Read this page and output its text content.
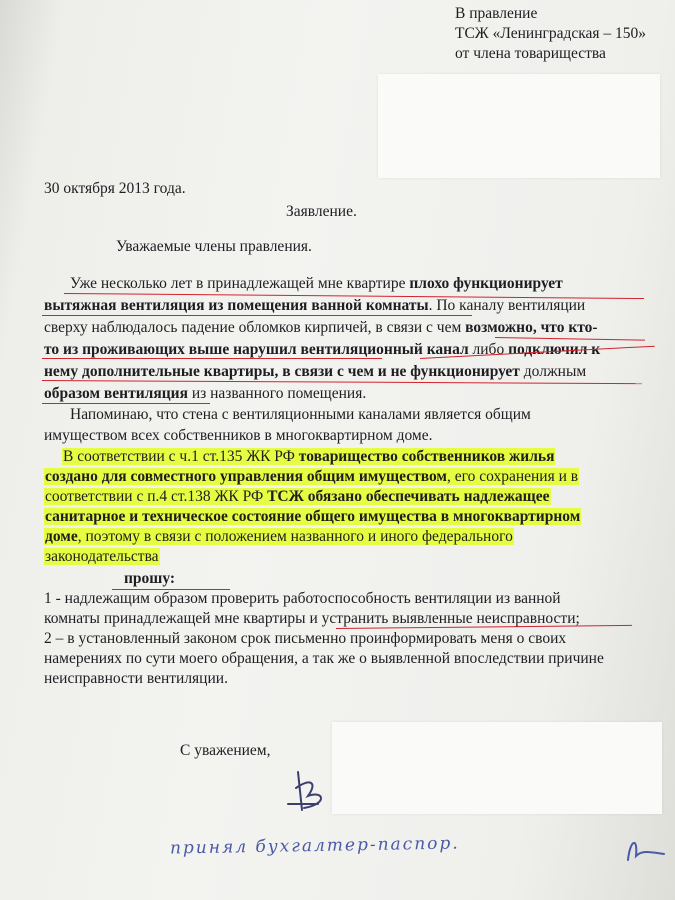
В правление
ТСЖ «Ленинградская – 150»
от члена товарищества
30 октября 2013 года.
Заявление.
Уважаемые члены правления.
Уже несколько лет в принадлежащей мне квартире плохо функционирует
вытяжная вентиляция из помещения ванной комнаты. По каналу вентиляции
сверху наблюдалось падение обломков кирпичей, в связи с чем возможно, что кто-
то из проживающих выше нарушил вентиляционный канал либо подключил к
нему дополнительные квартиры, в связи с чем и не функционирует должным
образом вентиляция из названного помещения.
Напоминаю, что стена с вентиляционными каналами является общим
имуществом всех собственников в многоквартирном доме.
В соответствии с ч.1 ст.135 ЖК РФ товарищество собственников жилья
создано для совместного управления общим имуществом, его сохранения и в
соответствии с п.4 ст.138 ЖК РФ ТСЖ обязано обеспечивать надлежащее
санитарное и техническое состояние общего имущества в многоквартирном
доме, поэтому в связи с положением названного и иного федерального
законодательства
прошу:
1 - надлежащим образом проверить работоспособность вентиляции из ванной
комнаты принадлежащей мне квартиры и устранить выявленные неисправности;
2 – в установленный законом срок письменно проинформировать меня о своих
намерениях по сути моего обращения, а так же о выявленной впоследствии причине
неисправности вентиляции.
С уважением,
принял бухгалтер-паспор.
